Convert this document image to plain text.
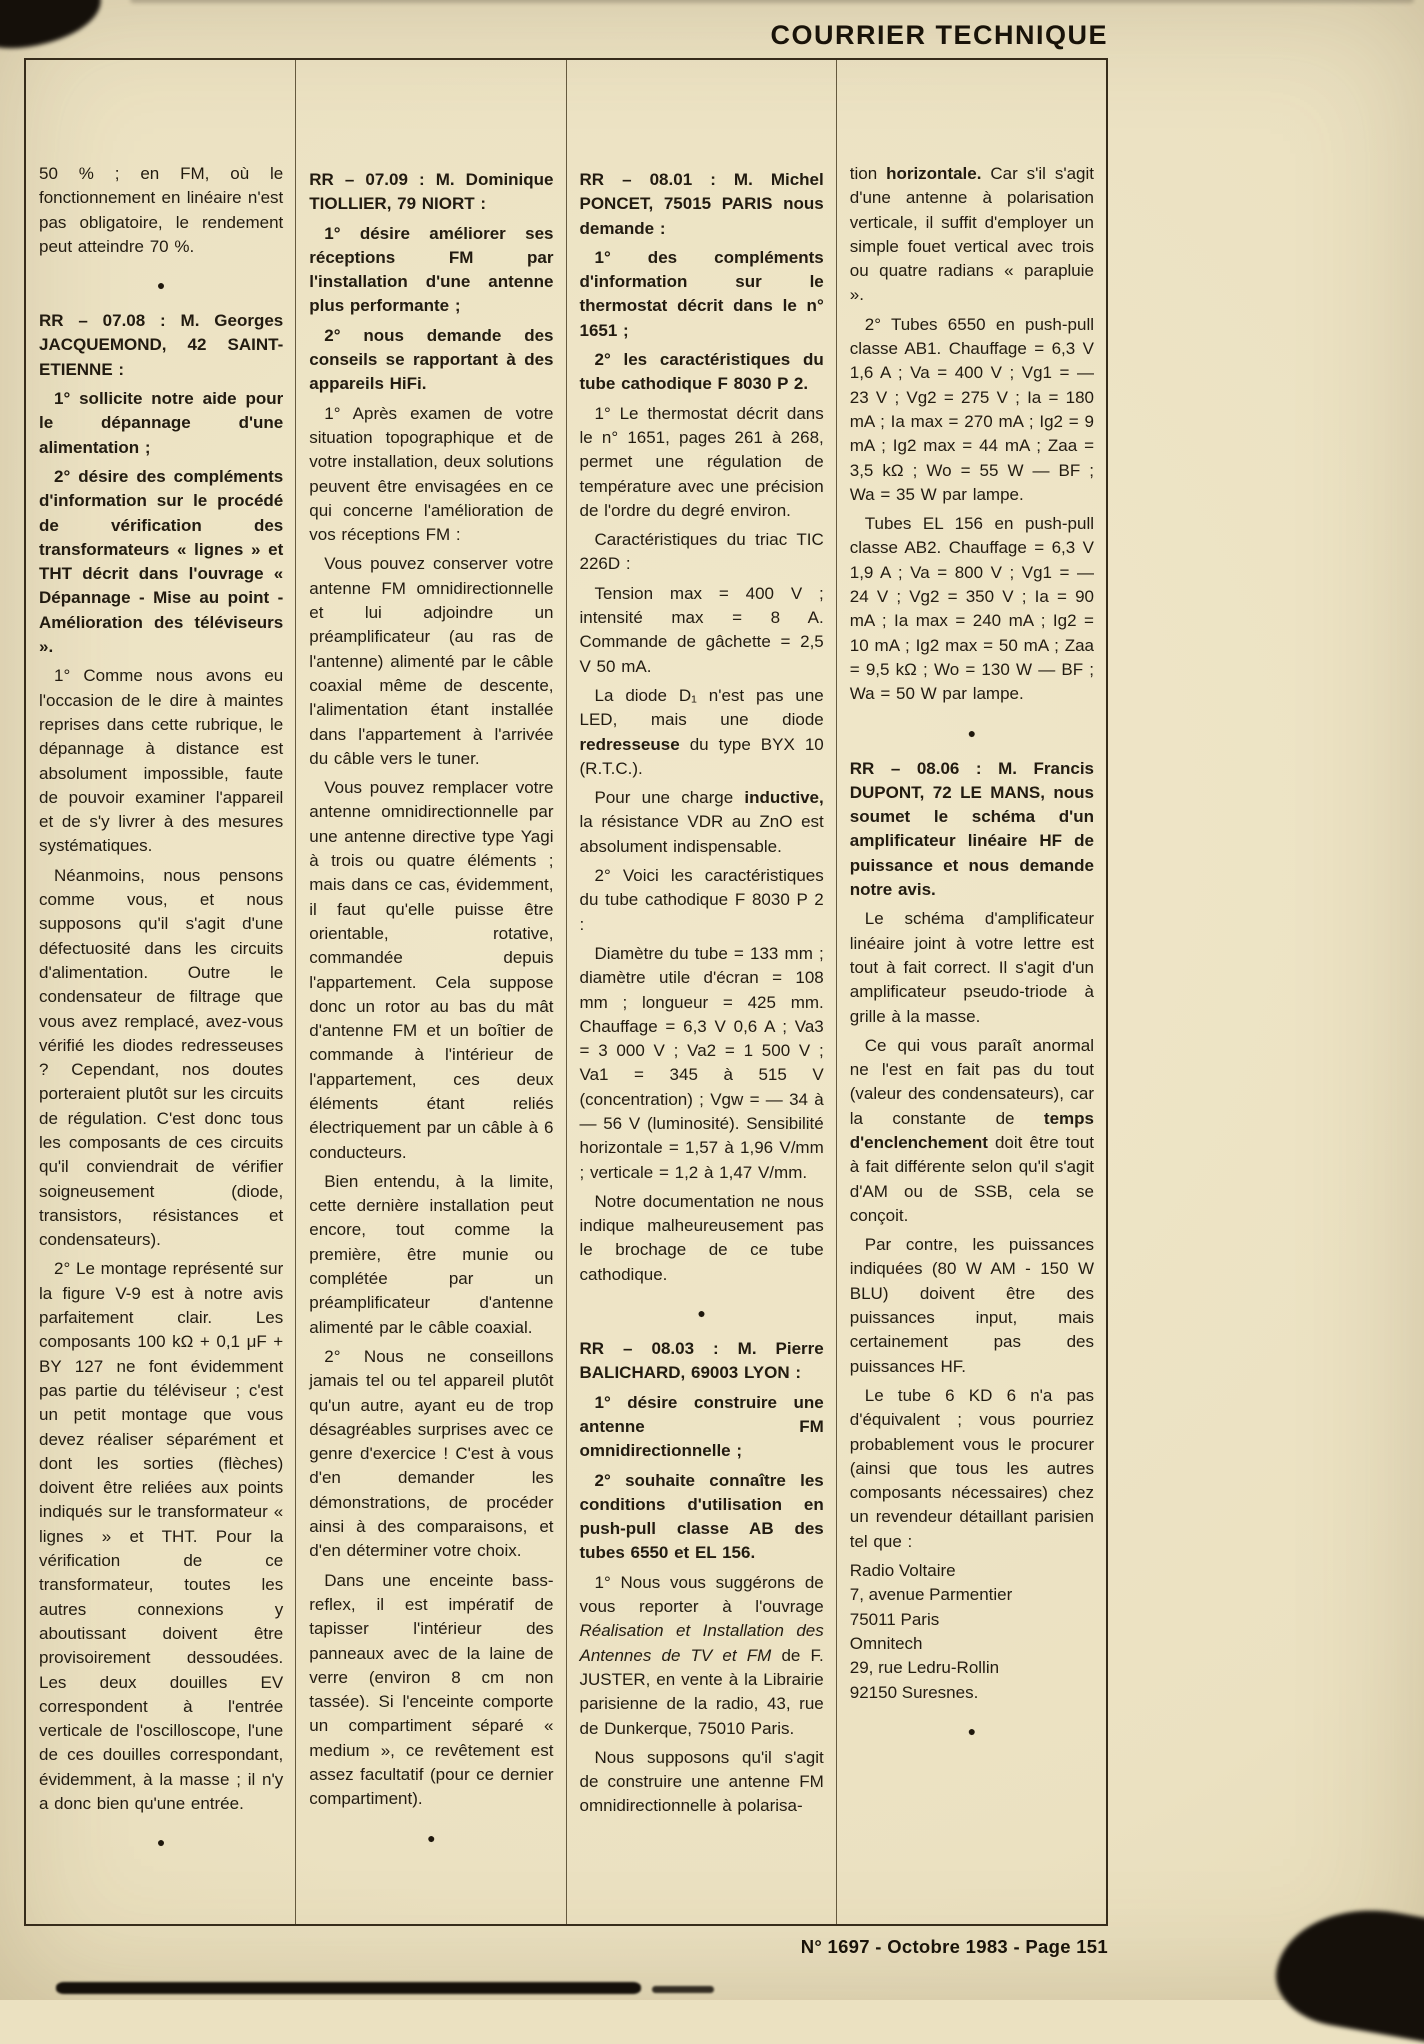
COURRIER TECHNIQUE

50 % ; en FM, où le fonctionnement en linéaire n'est pas obligatoire, le rendement peut atteindre 70 %.

●

RR – 07.08 : M. Georges JACQUEMOND, 42 SAINT-ETIENNE :

1° sollicite notre aide pour le dépannage d'une alimentation ;

2° désire des compléments d'information sur le procédé de vérification des transformateurs « lignes » et THT décrit dans l'ouvrage « Dépannage - Mise au point - Amélioration des téléviseurs ».

1° Comme nous avons eu l'occasion de le dire à maintes reprises dans cette rubrique, le dépannage à distance est absolument impossible, faute de pouvoir examiner l'appareil et de s'y livrer à des mesures systématiques.

Néanmoins, nous pensons comme vous, et nous supposons qu'il s'agit d'une défectuosité dans les circuits d'alimentation. Outre le condensateur de filtrage que vous avez remplacé, avez-vous vérifié les diodes redresseuses ? Cependant, nos doutes porteraient plutôt sur les circuits de régulation. C'est donc tous les composants de ces circuits qu'il conviendrait de vérifier soigneusement (diode, transistors, résistances et condensateurs).

2° Le montage représenté sur la figure V-9 est à notre avis parfaitement clair. Les composants 100 kΩ + 0,1 μF + BY 127 ne font évidemment pas partie du téléviseur ; c'est un petit montage que vous devez réaliser séparément et dont les sorties (flèches) doivent être reliées aux points indiqués sur le transformateur « lignes » et THT. Pour la vérification de ce transformateur, toutes les autres connexions y aboutissant doivent être provisoirement dessoudées. Les deux douilles EV correspondent à l'entrée verticale de l'oscilloscope, l'une de ces douilles correspondant, évidemment, à la masse ; il n'y a donc bien qu'une entrée.

●

RR – 07.09 : M. Dominique TIOLLIER, 79 NIORT :

1° désire améliorer ses réceptions FM par l'installation d'une antenne plus performante ;

2° nous demande des conseils se rapportant à des appareils HiFi.

1° Après examen de votre situation topographique et de votre installation, deux solutions peuvent être envisagées en ce qui concerne l'amélioration de vos réceptions FM :

Vous pouvez conserver votre antenne FM omnidirectionnelle et lui adjoindre un préamplificateur (au ras de l'antenne) alimenté par le câble coaxial même de descente, l'alimentation étant installée dans l'appartement à l'arrivée du câble vers le tuner.

Vous pouvez remplacer votre antenne omnidirectionnelle par une antenne directive type Yagi à trois ou quatre éléments ; mais dans ce cas, évidemment, il faut qu'elle puisse être orientable, rotative, commandée depuis l'appartement. Cela suppose donc un rotor au bas du mât d'antenne FM et un boîtier de commande à l'intérieur de l'appartement, ces deux éléments étant reliés électriquement par un câble à 6 conducteurs.

Bien entendu, à la limite, cette dernière installation peut encore, tout comme la première, être munie ou complétée par un préamplificateur d'antenne alimenté par le câble coaxial.

2° Nous ne conseillons jamais tel ou tel appareil plutôt qu'un autre, ayant eu de trop désagréables surprises avec ce genre d'exercice ! C'est à vous d'en demander les démonstrations, de procéder ainsi à des comparaisons, et d'en déterminer votre choix.

Dans une enceinte bass-reflex, il est impératif de tapisser l'intérieur des panneaux avec de la laine de verre (environ 8 cm non tassée). Si l'enceinte comporte un compartiment séparé « medium », ce revêtement est assez facultatif (pour ce dernier compartiment).

●

RR – 08.01 : M. Michel PONCET, 75015 PARIS nous demande :

1° des compléments d'information sur le thermostat décrit dans le n° 1651 ;

2° les caractéristiques du tube cathodique F 8030 P 2.

1° Le thermostat décrit dans le n° 1651, pages 261 à 268, permet une régulation de température avec une précision de l'ordre du degré environ.

Caractéristiques du triac TIC 226D :

Tension max = 400 V ; intensité max = 8 A. Commande de gâchette = 2,5 V 50 mA.

La diode D₁ n'est pas une LED, mais une diode redresseuse du type BYX 10 (R.T.C.).

Pour une charge inductive, la résistance VDR au ZnO est absolument indispensable.

2° Voici les caractéristiques du tube cathodique F 8030 P 2 :

Diamètre du tube = 133 mm ; diamètre utile d'écran = 108 mm ; longueur = 425 mm. Chauffage = 6,3 V 0,6 A ; Va3 = 3 000 V ; Va2 = 1 500 V ; Va1 = 345 à 515 V (concentration) ; Vgw = — 34 à — 56 V (luminosité). Sensibilité horizontale = 1,57 à 1,96 V/mm ; verticale = 1,2 à 1,47 V/mm.

Notre documentation ne nous indique malheureusement pas le brochage de ce tube cathodique.

●

RR – 08.03 : M. Pierre BALICHARD, 69003 LYON :

1° désire construire une antenne FM omnidirectionnelle ;

2° souhaite connaître les conditions d'utilisation en push-pull classe AB des tubes 6550 et EL 156.

1° Nous vous suggérons de vous reporter à l'ouvrage Réalisation et Installation des Antennes de TV et FM de F. JUSTER, en vente à la Librairie parisienne de la radio, 43, rue de Dunkerque, 75010 Paris.

Nous supposons qu'il s'agit de construire une antenne FM omnidirectionnelle à polarisa-

tion horizontale. Car s'il s'agit d'une antenne à polarisation verticale, il suffit d'employer un simple fouet vertical avec trois ou quatre radians « parapluie ».

2° Tubes 6550 en push-pull classe AB1. Chauffage = 6,3 V 1,6 A ; Va = 400 V ; Vg1 = — 23 V ; Vg2 = 275 V ; Ia = 180 mA ; Ia max = 270 mA ; Ig2 = 9 mA ; Ig2 max = 44 mA ; Zaa = 3,5 kΩ ; Wo = 55 W — BF ; Wa = 35 W par lampe.

Tubes EL 156 en push-pull classe AB2. Chauffage = 6,3 V 1,9 A ; Va = 800 V ; Vg1 = — 24 V ; Vg2 = 350 V ; Ia = 90 mA ; Ia max = 240 mA ; Ig2 = 10 mA ; Ig2 max = 50 mA ; Zaa = 9,5 kΩ ; Wo = 130 W — BF ; Wa = 50 W par lampe.

●

RR – 08.06 : M. Francis DUPONT, 72 LE MANS, nous soumet le schéma d'un amplificateur linéaire HF de puissance et nous demande notre avis.

Le schéma d'amplificateur linéaire joint à votre lettre est tout à fait correct. Il s'agit d'un amplificateur pseudo-triode à grille à la masse.

Ce qui vous paraît anormal ne l'est en fait pas du tout (valeur des condensateurs), car la constante de temps d'enclenchement doit être tout à fait différente selon qu'il s'agit d'AM ou de SSB, cela se conçoit.

Par contre, les puissances indiquées (80 W AM - 150 W BLU) doivent être des puissances input, mais certainement pas des puissances HF.

Le tube 6 KD 6 n'a pas d'équivalent ; vous pourriez probablement vous le procurer (ainsi que tous les autres composants nécessaires) chez un revendeur détaillant parisien tel que :

Radio Voltaire

7, avenue Parmentier

75011 Paris

Omnitech

29, rue Ledru-Rollin

92150 Suresnes.

●
N° 1697 - Octobre 1983 - Page 151
